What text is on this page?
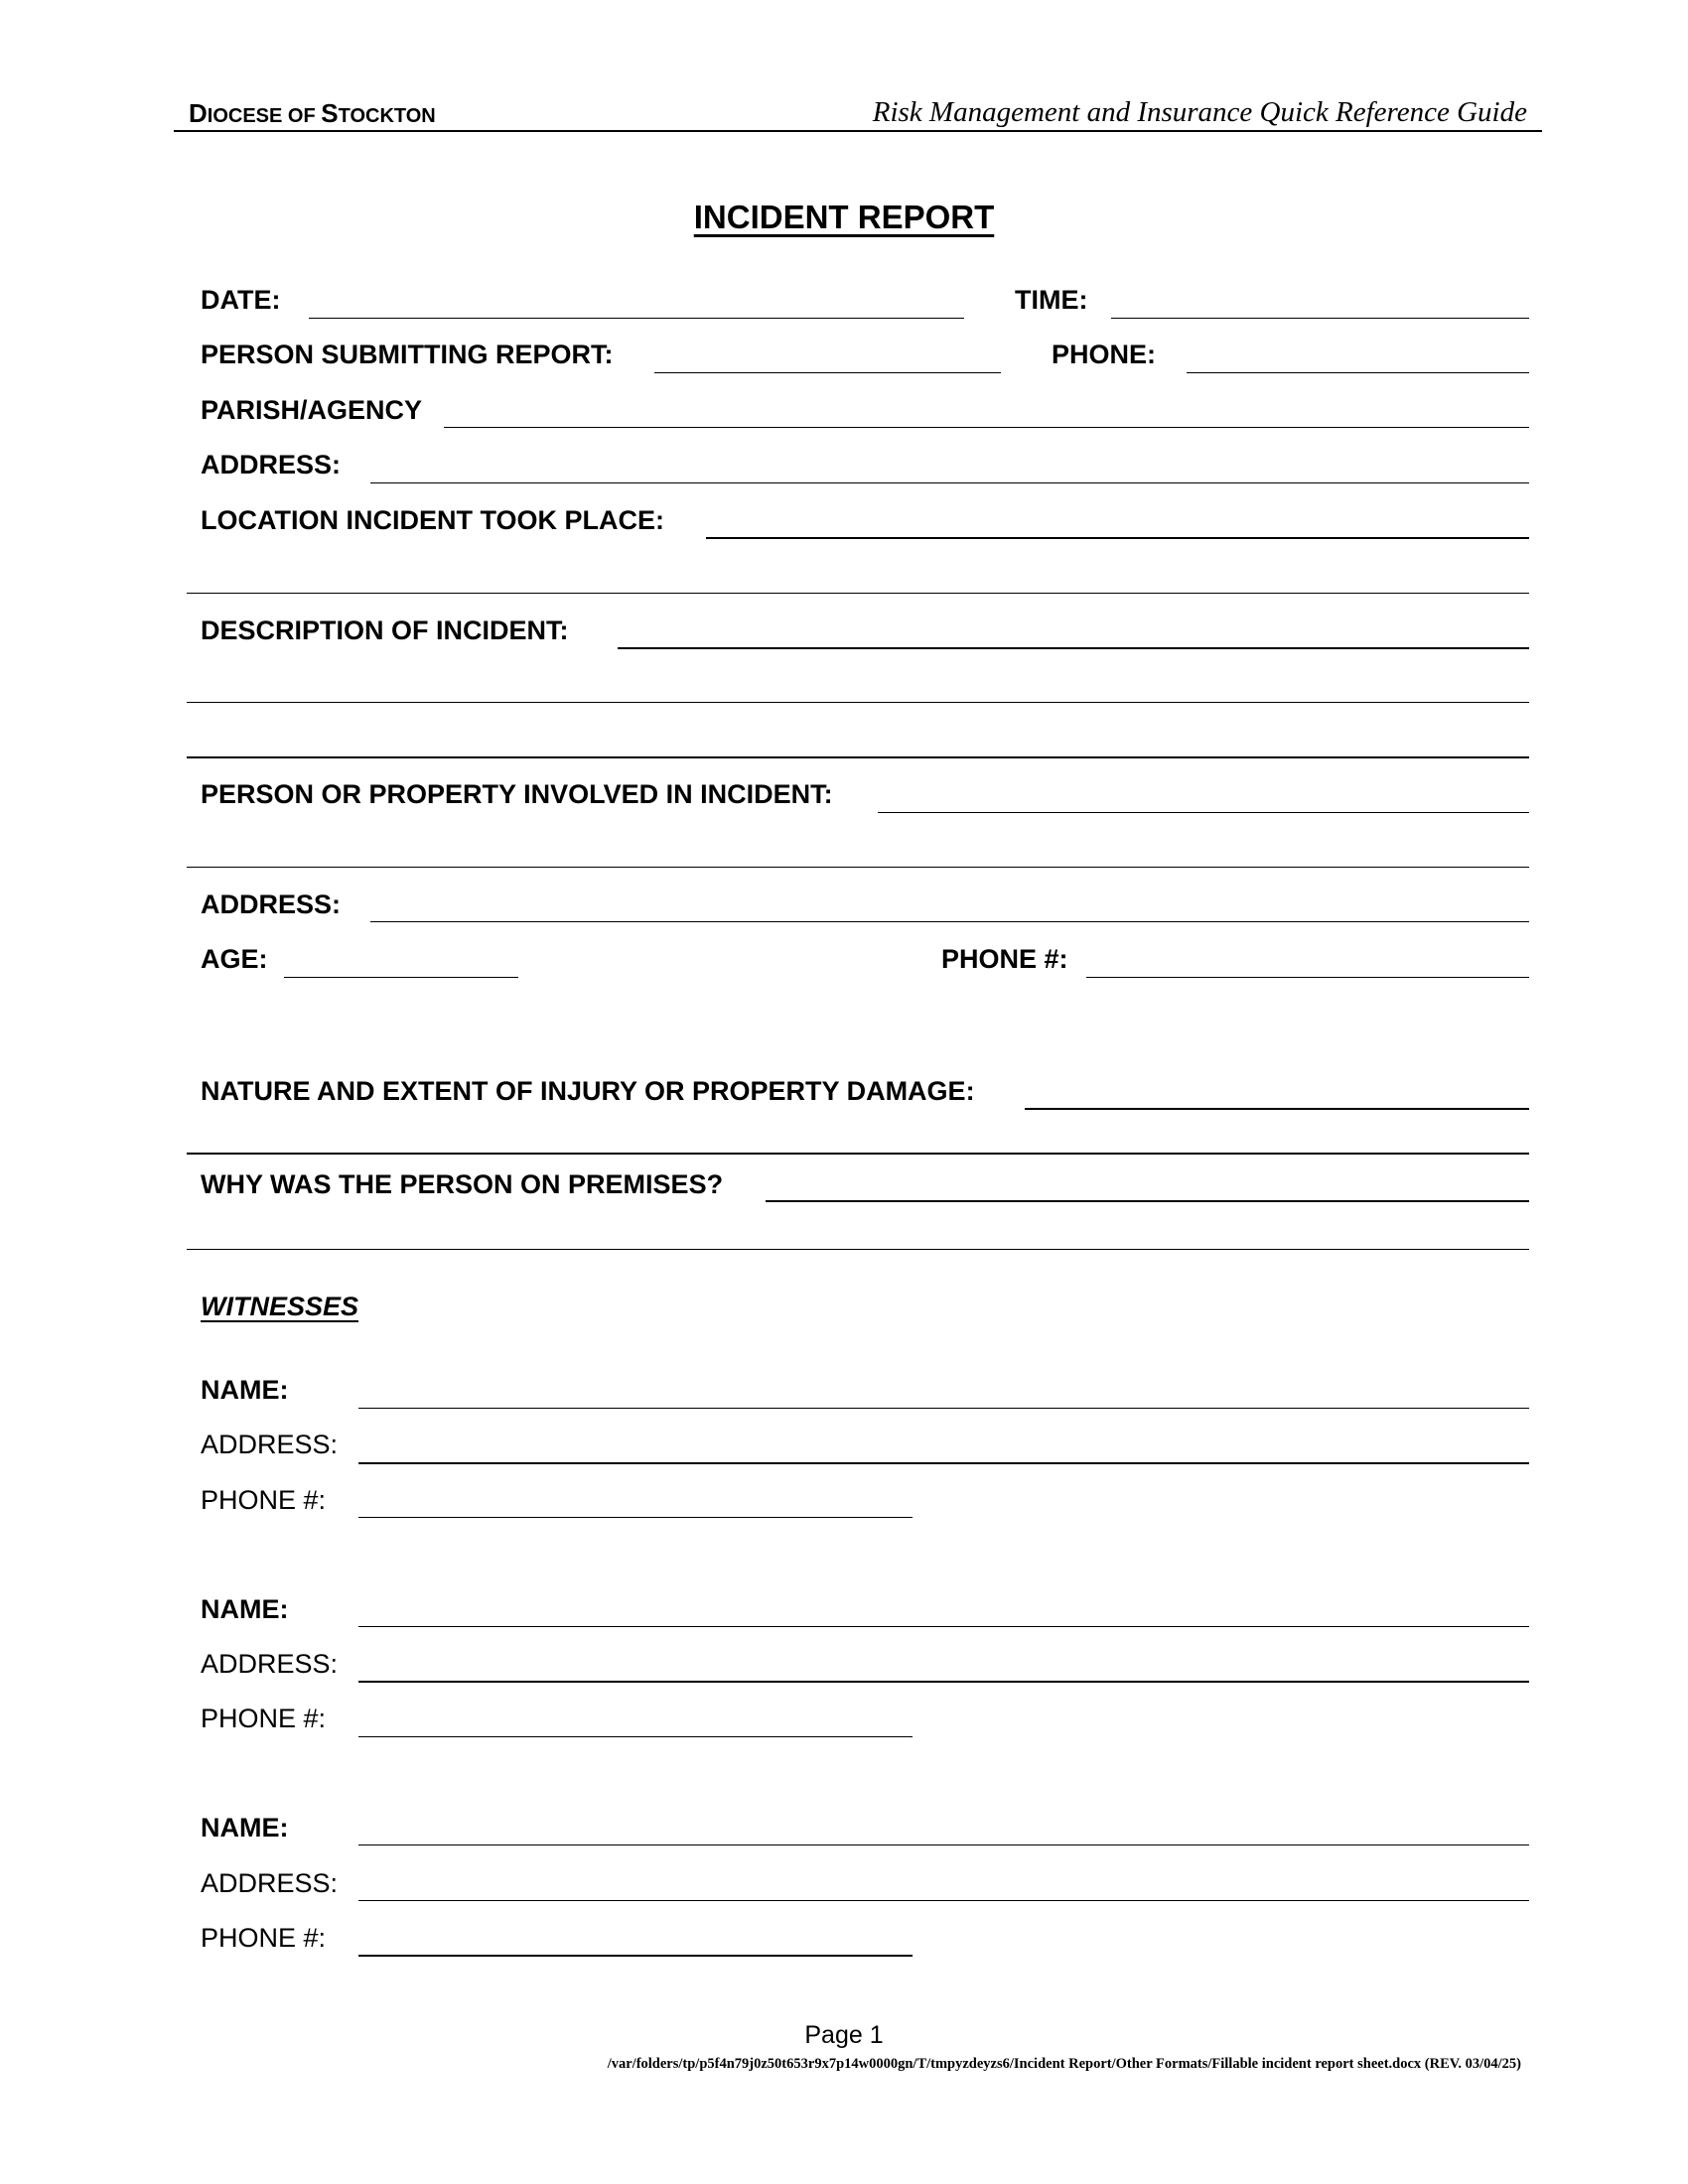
DIOCESE OF STOCKTON	Risk Management and Insurance Quick Reference Guide
INCIDENT REPORT
DATE:	TIME:
PERSON SUBMITTING REPORT:	PHONE:
PARISH/AGENCY
ADDRESS:
LOCATION INCIDENT TOOK PLACE:
DESCRIPTION OF INCIDENT:
PERSON OR PROPERTY INVOLVED IN INCIDENT:
ADDRESS:
AGE:	PHONE #:
NATURE AND EXTENT OF INJURY OR PROPERTY DAMAGE:
WHY WAS THE PERSON ON PREMISES?
WITNESSES
NAME:
ADDRESS:
PHONE #:
NAME:
ADDRESS:
PHONE #:
NAME:
ADDRESS:
PHONE #:
Page 1
/var/folders/tp/p5f4n79j0z50t653r9x7p14w0000gn/T/tmpyzdeyzs6/Incident Report/Other Formats/Fillable incident report sheet.docx (REV. 03/04/25)
